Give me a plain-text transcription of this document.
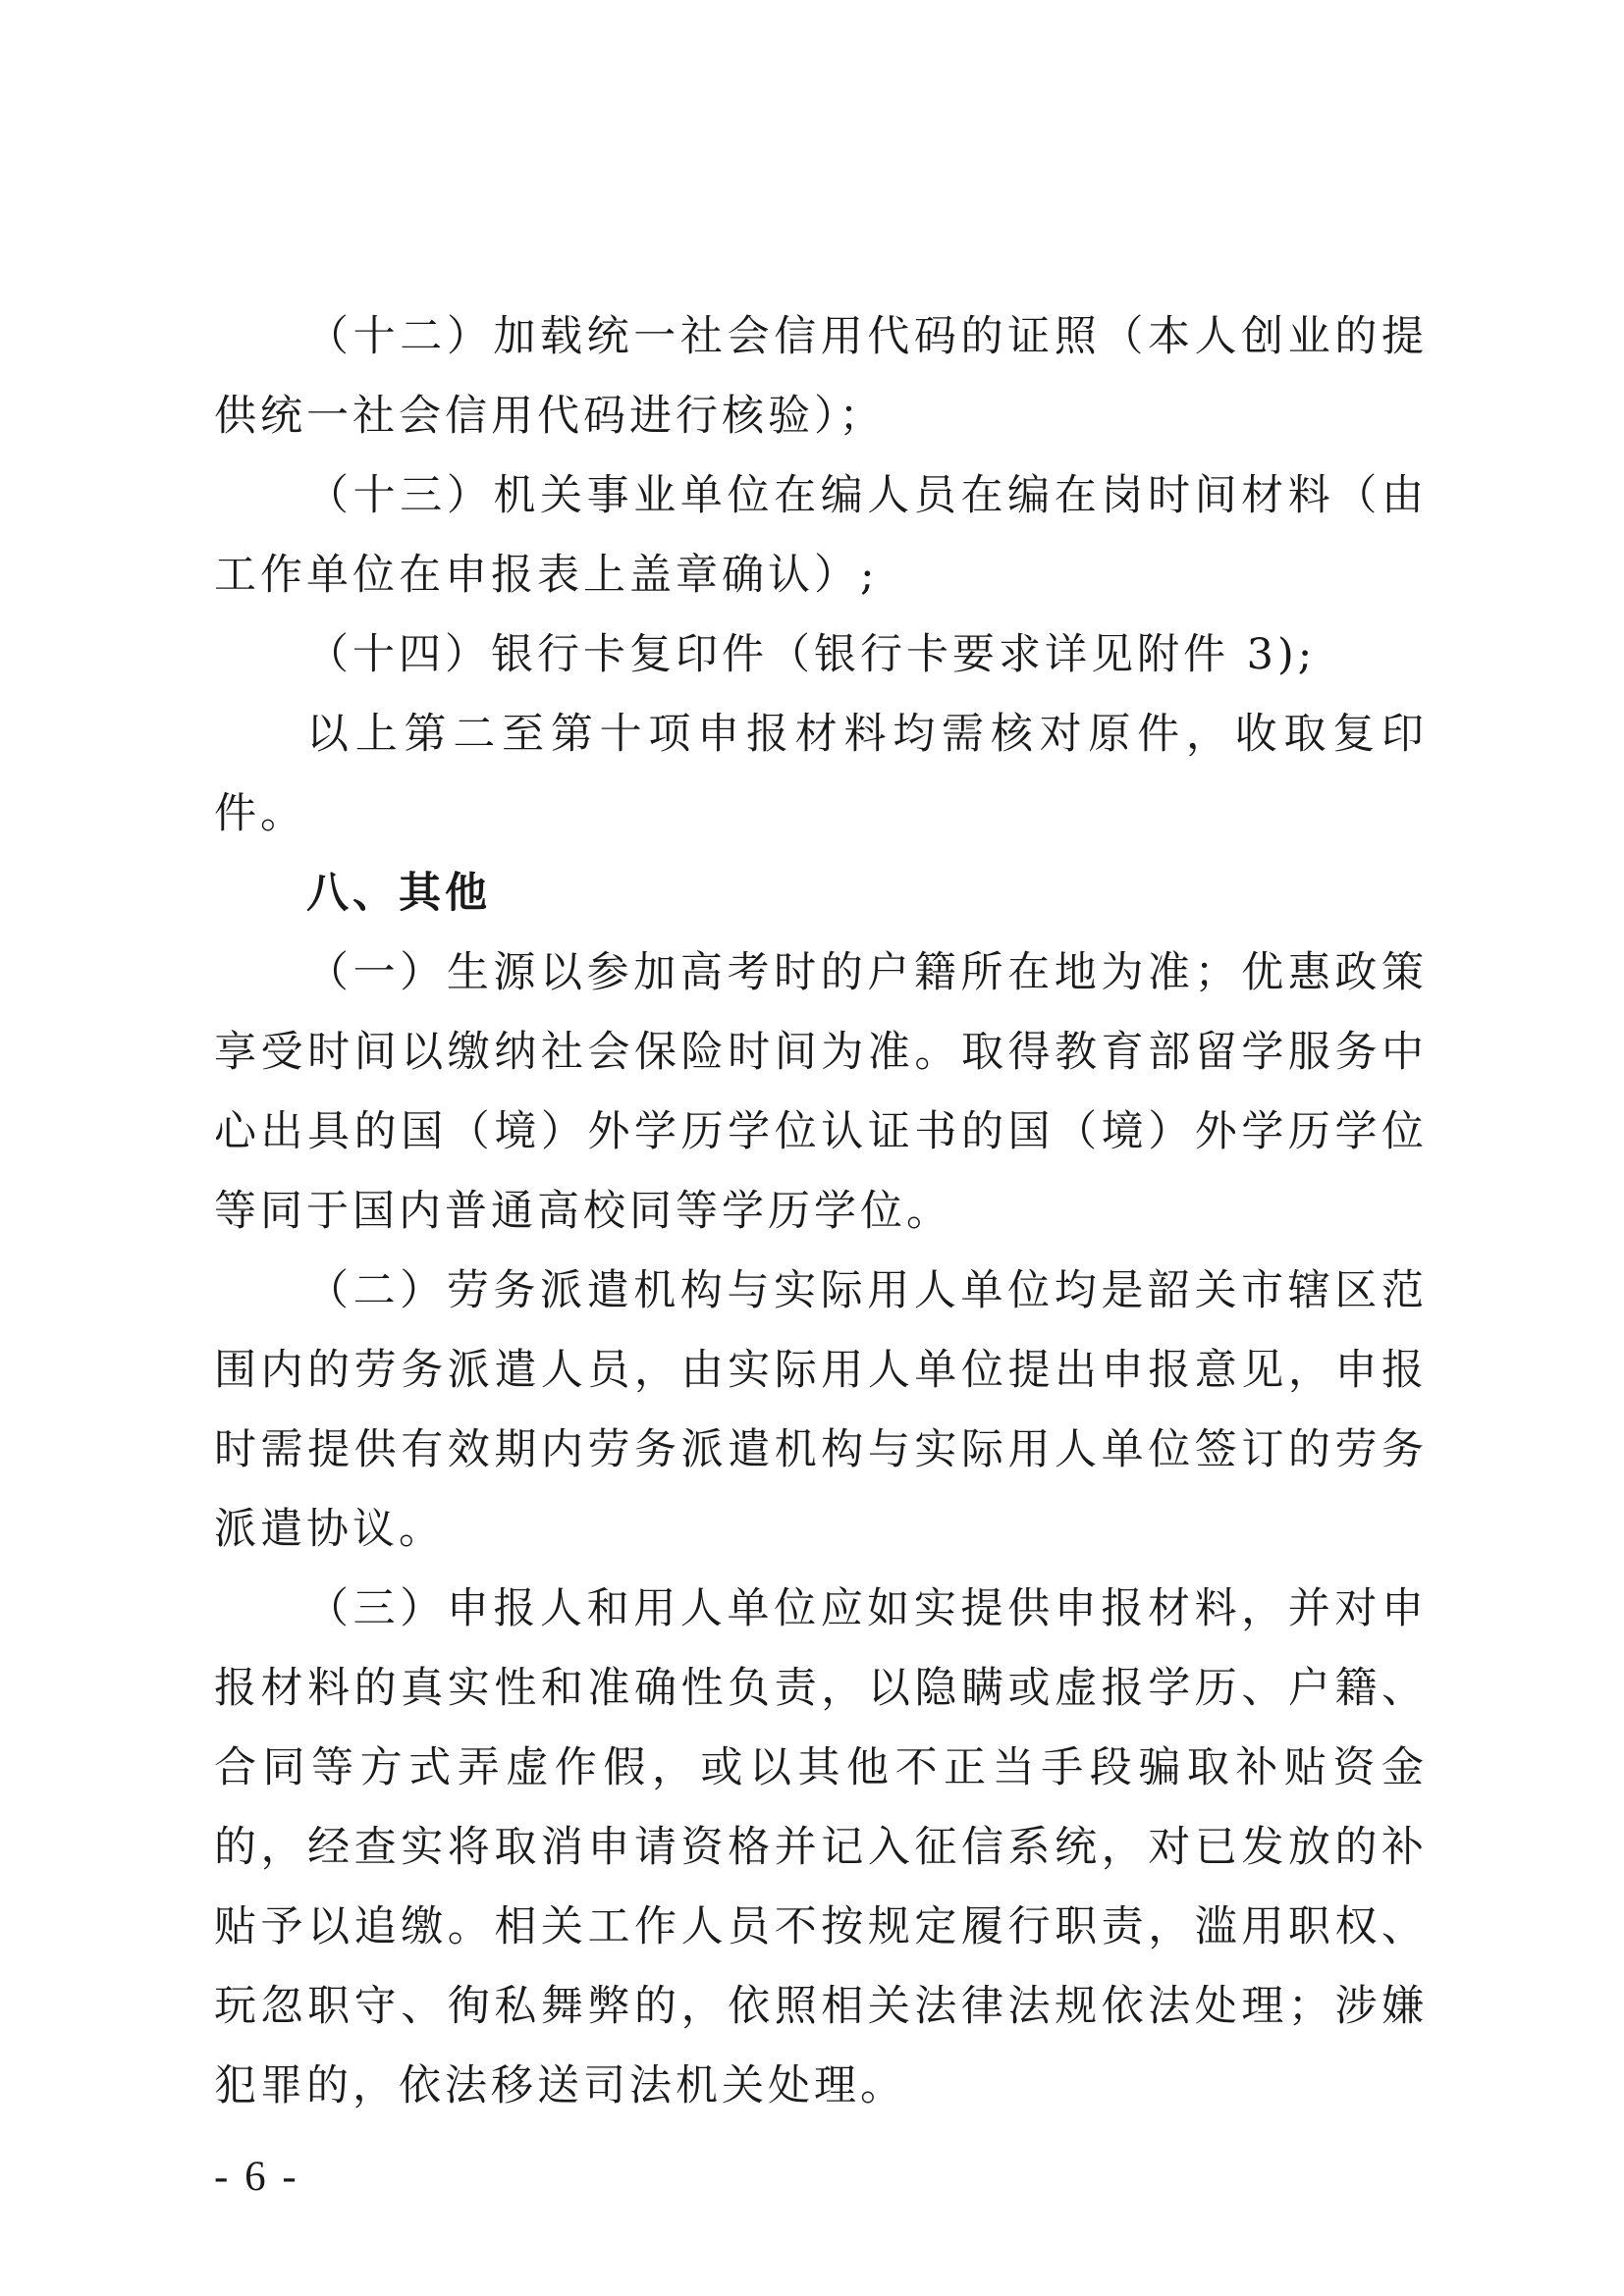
（十二）加载统一社会信用代码的证照（本人创业的提供统一社会信用代码进行核验）；

（十三）机关事业单位在编人员在编在岗时间材料（由工作单位在申报表上盖章确认）;

（十四）银行卡复印件（银行卡要求详见附件 3);

以上第二至第十项申报材料均需核对原件，收取复印件。

八、其他

（一）生源以参加高考时的户籍所在地为准；优惠政策享受时间以缴纳社会保险时间为准。取得教育部留学服务中心出具的国（境）外学历学位认证书的国（境）外学历学位等同于国内普通高校同等学历学位。

（二）劳务派遣机构与实际用人单位均是韶关市辖区范围内的劳务派遣人员，由实际用人单位提出申报意见，申报时需提供有效期内劳务派遣机构与实际用人单位签订的劳务派遣协议。

（三）申报人和用人单位应如实提供申报材料，并对申报材料的真实性和准确性负责，以隐瞒或虚报学历、户籍、合同等方式弄虚作假，或以其他不正当手段骗取补贴资金的，经查实将取消申请资格并记入征信系统，对已发放的补贴予以追缴。相关工作人员不按规定履行职责，滥用职权、玩忽职守、徇私舞弊的，依照相关法律法规依法处理；涉嫌犯罪的，依法移送司法机关处理。

- 6 -
